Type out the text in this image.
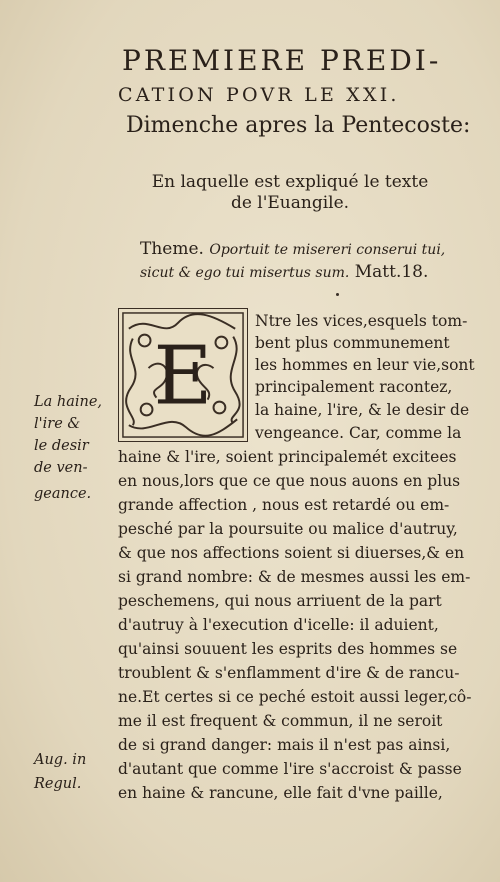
PREMIERE PREDI-
CATION POVR LE XXI.
Dimenche apres la Pentecoste:
En laquelle est expliqué le texte
de l'Euangile.
Theme. Oportuit te misereri conserui tui,
sicut & ego tui misertus sum. Matt.18.
E
Ntre les vices,esquels tom-
bent plus communement
les hommes en leur vie,sont
principalement racontez,
la haine, l'ire, & le desir de
vengeance. Car, comme la
haine & l'ire, soient principalemét excitees
en nous,lors que ce que nous auons en plus
grande affection , nous est retardé ou em-
pesché par la poursuite ou malice d'autruy,
& que nos affections soient si diuerses,& en
si grand nombre: & de mesmes aussi les em-
peschemens, qui nous arriuent de la part
d'autruy à l'execution d'icelle: il aduient,
qu'ainsi souuent les esprits des hommes se
troublent & s'enflamment d'ire & de rancu-
ne.Et certes si ce peché estoit aussi leger,cô-
me il est frequent & commun, il ne seroit
de si grand danger: mais il n'est pas ainsi,
d'autant que comme l'ire s'accroist & passe
en haine & rancune, elle fait d'vne paille,
La haine,
l'ire &
le desir
de ven-
geance.
Aug. in
Regul.
